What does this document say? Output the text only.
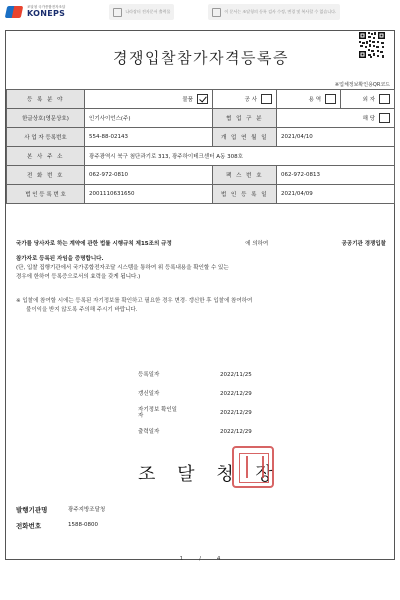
조달청 국가종합전자조달
KONEPS	나라장터 전자문서 출력물	이 문서는 조달청의 등록 검사 수정, 변경 및 복사할 수 없습니다.
경쟁입찰참가자격등록증
※업체정보확인용QR코드
등 록 분 야	물품	공 사	용 역	외 자

한글상호(영문상호)	인기사이언스(주)	협 업 구 분	해 당	

사 업 자 등록번호	554-88-02143	개 업 연 월 일	2021/04/10	
본 사 주 소	광주광역시 북구 첨단과기로 313, 광주하이테크센터 A동 308호			
전 화 번 호	062-972-0810	팩 스 번 호	062-972-0813	
법 인 등 록 번 호	2001110631650	법 인 등 록 일	2021/04/09	
국가를 당사자로 하는 계약에 관한 법률 시행규칙 제15조의 규정	에 의하여	공공기관 경쟁입찰
참가자로 등록된 자임을 증명합니다.
(단, 입찰 집행기관에서 국가종합전자조달 시스템을 통하여 위 등록내용을 확인할 수 있는
경우에 한하여 등록증으로서의 효력을 갖게 됩니다.)
※ 입찰에 참여할 시에는 등록된 자기정보를 확인하고 필요한 경우 변경· 갱신한 후 입찰에 참여하여
불이익을 받지 않도록 주의해 주시기 바랍니다.
등록일자	2022/11/25
갱신일자	2022/12/29
자기정보 확인일자	2022/12/29
출력일자	2022/12/29
조 달 청 장
발행기관명	광주지방조달청
전화번호	1588-0800
1	/	4
